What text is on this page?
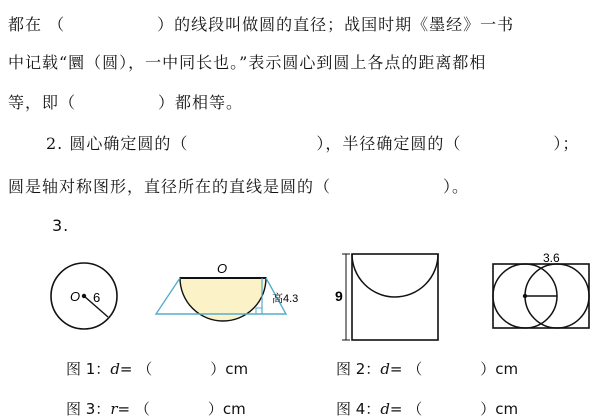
都在 （	）的线段叫做圆的直径；战国时期《墨经》一书
中记载“圜（圆），一中同长也。”表示圆心到圆上各点的距离都相
等，即（	）都相等。
2. 圆心确定圆的（	），半径确定圆的（	）；
圆是轴对称图形，直径所在的直线是圆的（	）。
3.
O 6
O
高4.3	9
3.6
图 1：d= （	）cm	图 2：d= （	）cm
图 3：r= （	）cm	图 4：d= （	）cm
